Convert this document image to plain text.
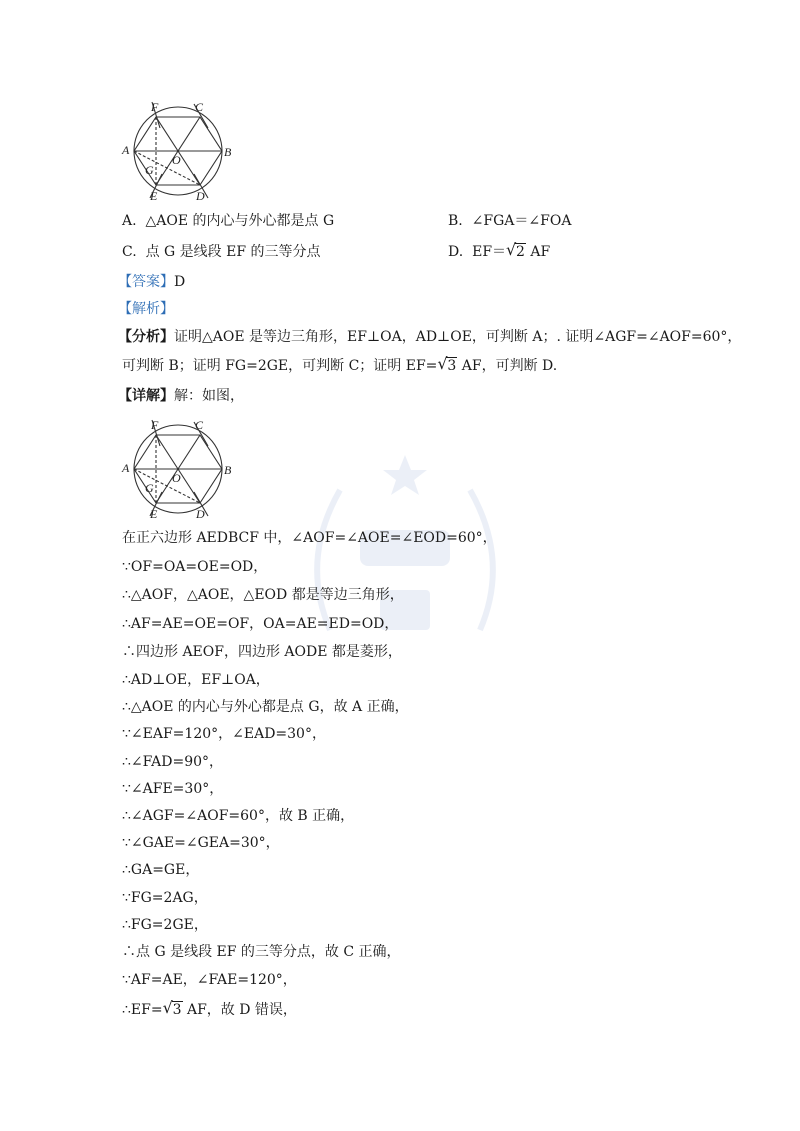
F	C
A	B
O
G
E	D
A. △AOE 的内心与外心都是点 G	B. ∠FGA＝∠FOA
C. 点 G 是线段 EF 的三等分点	D. EF＝ √ 2 AF
【答案】D
【解析】
【分析】证明△AOE 是等边三角形，EF⊥OA，AD⊥OE，可判断 A；. 证明∠AGF=∠AOF=60°，
可判断 B；证明 FG=2GE，可判断 C；证明 EF= √ 3 AF，可判断 D.
【详解】解：如图，
F	C
A	B
O
G
E	D
在正六边形 AEDBCF 中，∠AOF=∠AOE=∠EOD=60°，
∵OF=OA=OE=OD，
∴△AOF，△AOE，△EOD 都是等边三角形，
∴AF=AE=OE=OF，OA=AE=ED=OD，
∴四边形 AEOF，四边形 AODE 都是菱形，
∴AD⊥OE，EF⊥OA，
∴△AOE 的内心与外心都是点 G，故 A 正确，
∵∠EAF=120°，∠EAD=30°，
∴∠FAD=90°，
∵∠AFE=30°，
∴∠AGF=∠AOF=60°，故 B 正确，
∵∠GAE=∠GEA=30°，
∴GA=GE，
∵FG=2AG，
∴FG=2GE，
∴点 G 是线段 EF 的三等分点，故 C 正确，
∵AF=AE，∠FAE=120°，
∴EF= √ 3 AF，故 D 错误，
